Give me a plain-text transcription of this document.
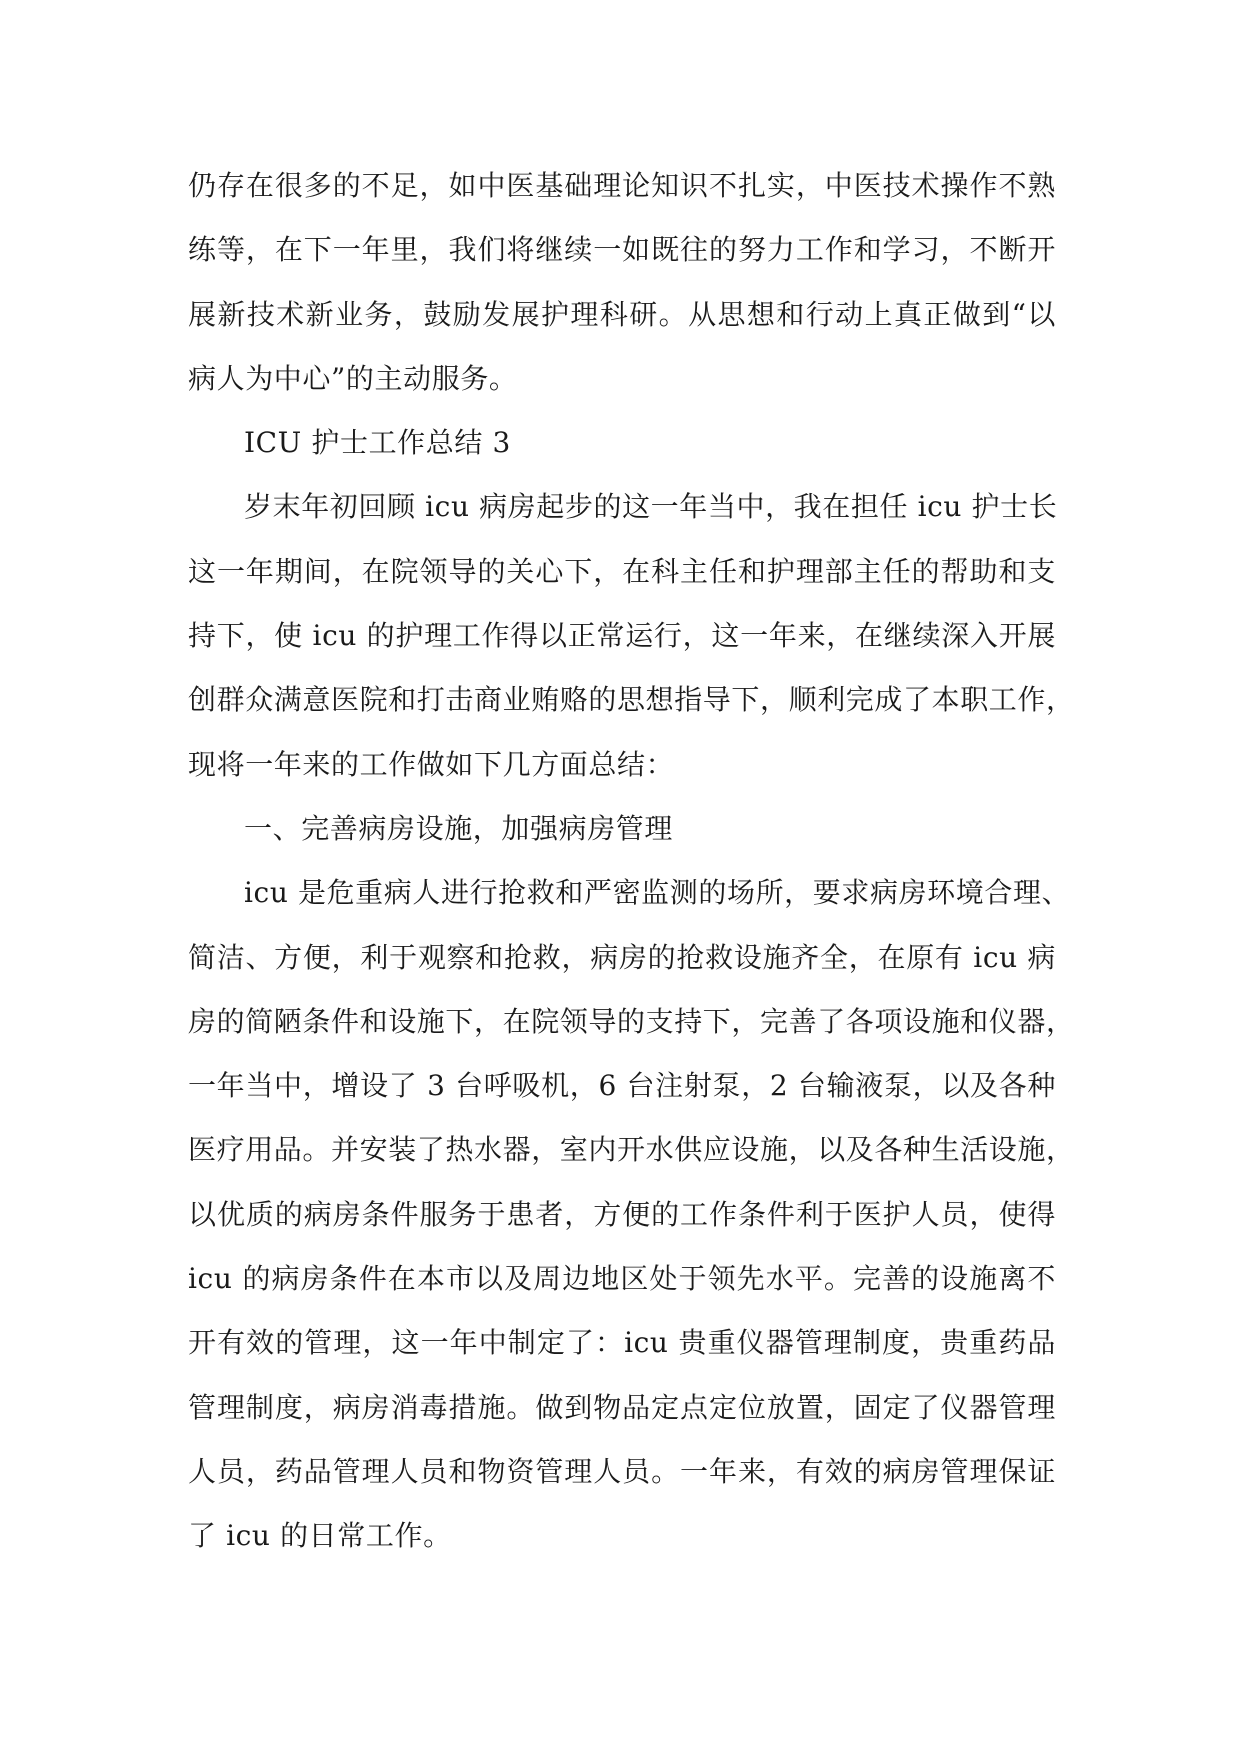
仍存在很多的不足，如中医基础理论知识不扎实，中医技术操作不熟
练等，在下一年里，我们将继续一如既往的努力工作和学习，不断开
展新技术新业务，鼓励发展护理科研。从思想和行动上真正做到“以
病人为中心”的主动服务。
ICU 护士工作总结 3
岁末年初回顾 icu 病房起步的这一年当中，我在担任 icu 护士长
这一年期间，在院领导的关心下，在科主任和护理部主任的帮助和支
持下，使 icu 的护理工作得以正常运行，这一年来，在继续深入开展
创群众满意医院和打击商业贿赂的思想指导下，顺利完成了本职工作，
现将一年来的工作做如下几方面总结：
一、完善病房设施，加强病房管理
icu 是危重病人进行抢救和严密监测的场所，要求病房环境合理、
简洁、方便，利于观察和抢救，病房的抢救设施齐全，在原有 icu 病
房的简陋条件和设施下，在院领导的支持下，完善了各项设施和仪器，
一年当中，增设了 3 台呼吸机，6 台注射泵，2 台输液泵，以及各种
医疗用品。并安装了热水器，室内开水供应设施，以及各种生活设施，
以优质的病房条件服务于患者，方便的工作条件利于医护人员，使得
icu 的病房条件在本市以及周边地区处于领先水平。完善的设施离不
开有效的管理，这一年中制定了：icu 贵重仪器管理制度，贵重药品
管理制度，病房消毒措施。做到物品定点定位放置，固定了仪器管理
人员，药品管理人员和物资管理人员。一年来，有效的病房管理保证
了 icu 的日常工作。
